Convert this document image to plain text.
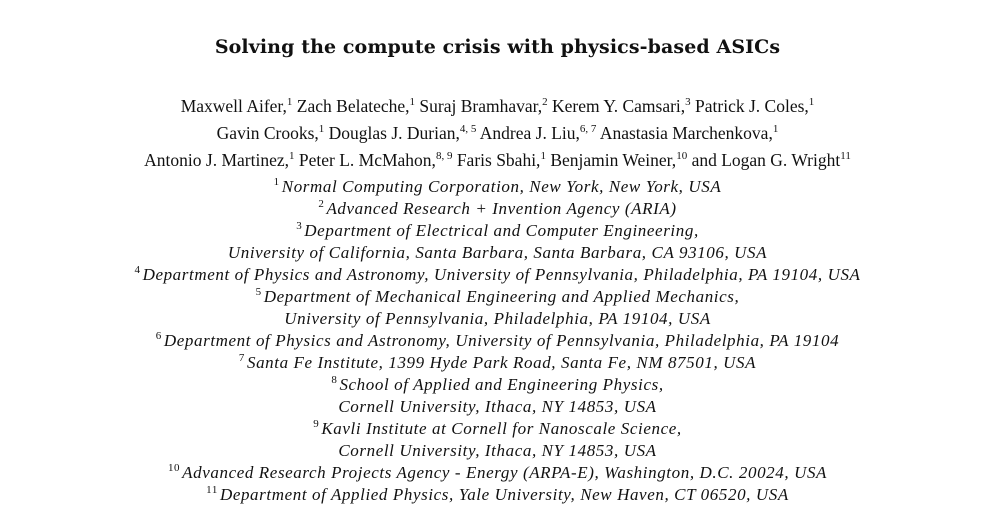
Solving the compute crisis with physics-based ASICs
Maxwell Aifer,$^1$ Zach Belateche,$^1$ Suraj Bramhavar,$^2$ Kerem Y. Camsari,$^3$ Patrick J. Coles,$^1$
Gavin Crooks,$^1$ Douglas J. Durian,$^{4, 5}$ Andrea J. Liu,$^{6, 7}$ Anastasia Marchenkova,$^1$
Antonio J. Martinez,$^1$ Peter L. McMahon,$^{8, 9}$ Faris Sbahi,$^1$ Benjamin Weiner,$^{10}$ and Logan G. Wright$^{11}$
$^1$ Normal Computing Corporation, New York, New York, USA
$^2$ Advanced Research + Invention Agency (ARIA)
$^3$ Department of Electrical and Computer Engineering,
University of California, Santa Barbara, Santa Barbara, CA 93106, USA
$^4$ Department of Physics and Astronomy, University of Pennsylvania, Philadelphia, PA 19104, USA
$^5$ Department of Mechanical Engineering and Applied Mechanics,
University of Pennsylvania, Philadelphia, PA 19104, USA
$^6$ Department of Physics and Astronomy, University of Pennsylvania, Philadelphia, PA 19104
$^7$ Santa Fe Institute, 1399 Hyde Park Road, Santa Fe, NM 87501, USA
$^8$ School of Applied and Engineering Physics,
Cornell University, Ithaca, NY 14853, USA
$^9$ Kavli Institute at Cornell for Nanoscale Science,
Cornell University, Ithaca, NY 14853, USA
$^{10}$ Advanced Research Projects Agency - Energy (ARPA-E), Washington, D.C. 20024, USA
$^{11}$ Department of Applied Physics, Yale University, New Haven, CT 06520, USA
